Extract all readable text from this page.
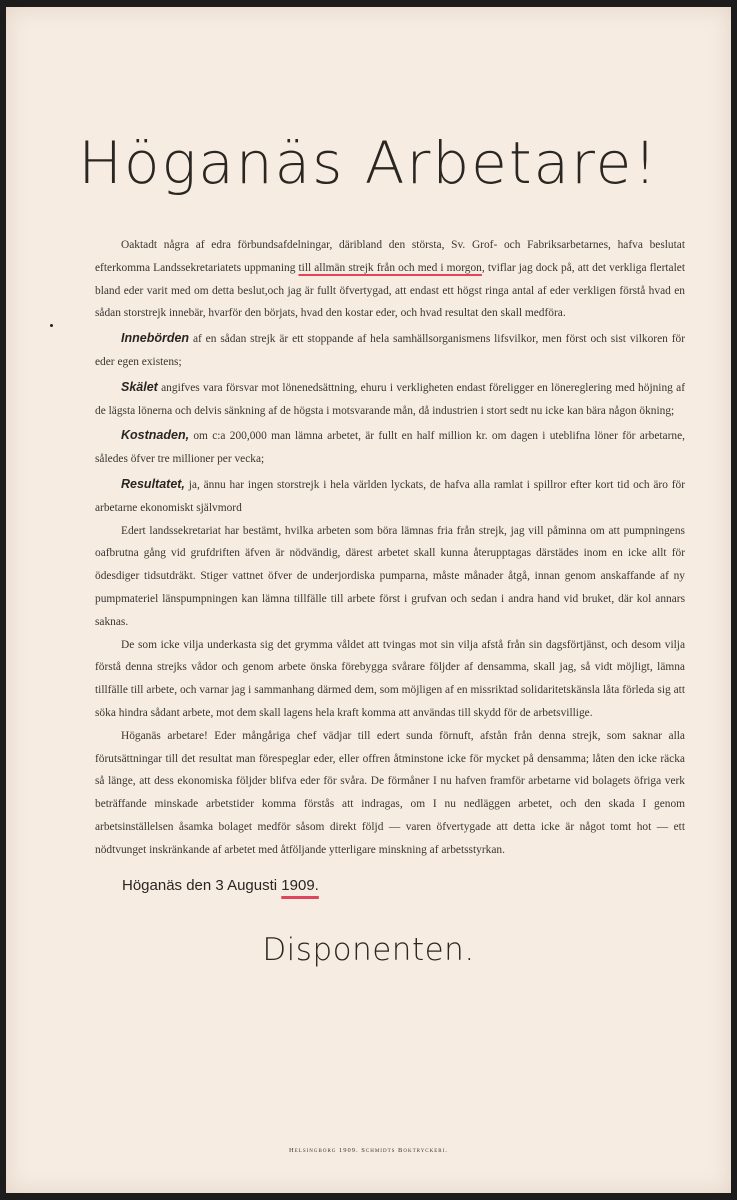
Höganäs Arbetare!

Oaktadt några af edra förbundsafdelningar, däribland den största, Sv. Grof- och Fabriksarbetarnes, hafva beslutat efterkomma Landssekretariatets uppmaning till allmän strejk från och med i morgon, tviflar jag dock på, att det verkliga flertalet bland eder varit med om detta beslut,och jag är fullt öfvertygad, att endast ett högst ringa antal af eder verkligen förstå hvad en sådan storstrejk innebär, hvarför den börjats, hvad den kostar eder, och hvad resultat den skall medföra.

Innebörden af en sådan strejk är ett stoppande af hela samhällsorganismens lifsvilkor, men först och sist vilkoren för eder egen existens;

Skälet angifves vara försvar mot lönenedsättning, ehuru i verkligheten endast föreligger en lönereglering med höjning af de lägsta lönerna och delvis sänkning af de högsta i motsvarande mån, då industrien i stort sedt nu icke kan bära någon ökning;

Kostnaden, om c:a 200,000 man lämna arbetet, är fullt en half million kr. om dagen i uteblifna löner för arbetarne, således öfver tre millioner per vecka;

Resultatet, ja, ännu har ingen storstrejk i hela världen lyckats, de hafva alla ramlat i spillror efter kort tid och äro för arbetarne ekonomiskt självmord

Edert landssekretariat har bestämt, hvilka arbeten som böra lämnas fria från strejk, jag vill påminna om att pumpningens oafbrutna gång vid grufdriften äfven är nödvändig, därest arbetet skall kunna återupptagas därstädes inom en icke allt för ödesdiger tidsutdräkt. Stiger vattnet öfver de underjordiska pumparna, måste månader åtgå, innan genom anskaffande af ny pumpmateriel länspumpningen kan lämna tillfälle till arbete först i grufvan och sedan i andra hand vid bruket, där kol annars saknas.

De som icke vilja underkasta sig det grymma våldet att tvingas mot sin vilja afstå från sin dagsförtjänst, och desom vilja förstå denna strejks vådor och genom arbete önska förebygga svårare följder af densamma, skall jag, så vidt möjligt, lämna tillfälle till arbete, och varnar jag i sammanhang därmed dem, som möjligen af en missriktad solidaritetskänsla låta förleda sig att söka hindra sådant arbete, mot dem skall lagens hela kraft komma att användas till skydd för de arbetsvillige.

Höganäs arbetare! Eder mångåriga chef vädjar till edert sunda förnuft, afstån från denna strejk, som saknar alla förutsättningar till det resultat man förespeglar eder, eller offren åtminstone icke för mycket på densamma; låten den icke räcka så länge, att dess ekonomiska följder blifva eder för svåra. De förmåner I nu hafven framför arbetarne vid bolagets öfriga verk beträffande minskade arbetstider komma förstås att indragas, om I nu nedläggen arbetet, och den skada I genom arbetsinställelsen åsamka bolaget medför såsom direkt följd — varen öfvertygade att detta icke är något tomt hot — ett nödtvunget inskränkande af arbetet med åtföljande ytterligare minskning af arbetsstyrkan.

Höganäs den 3 Augusti 1909.
Disponenten.
Helsingborg 1909. Schmidts Boktryckeri.
